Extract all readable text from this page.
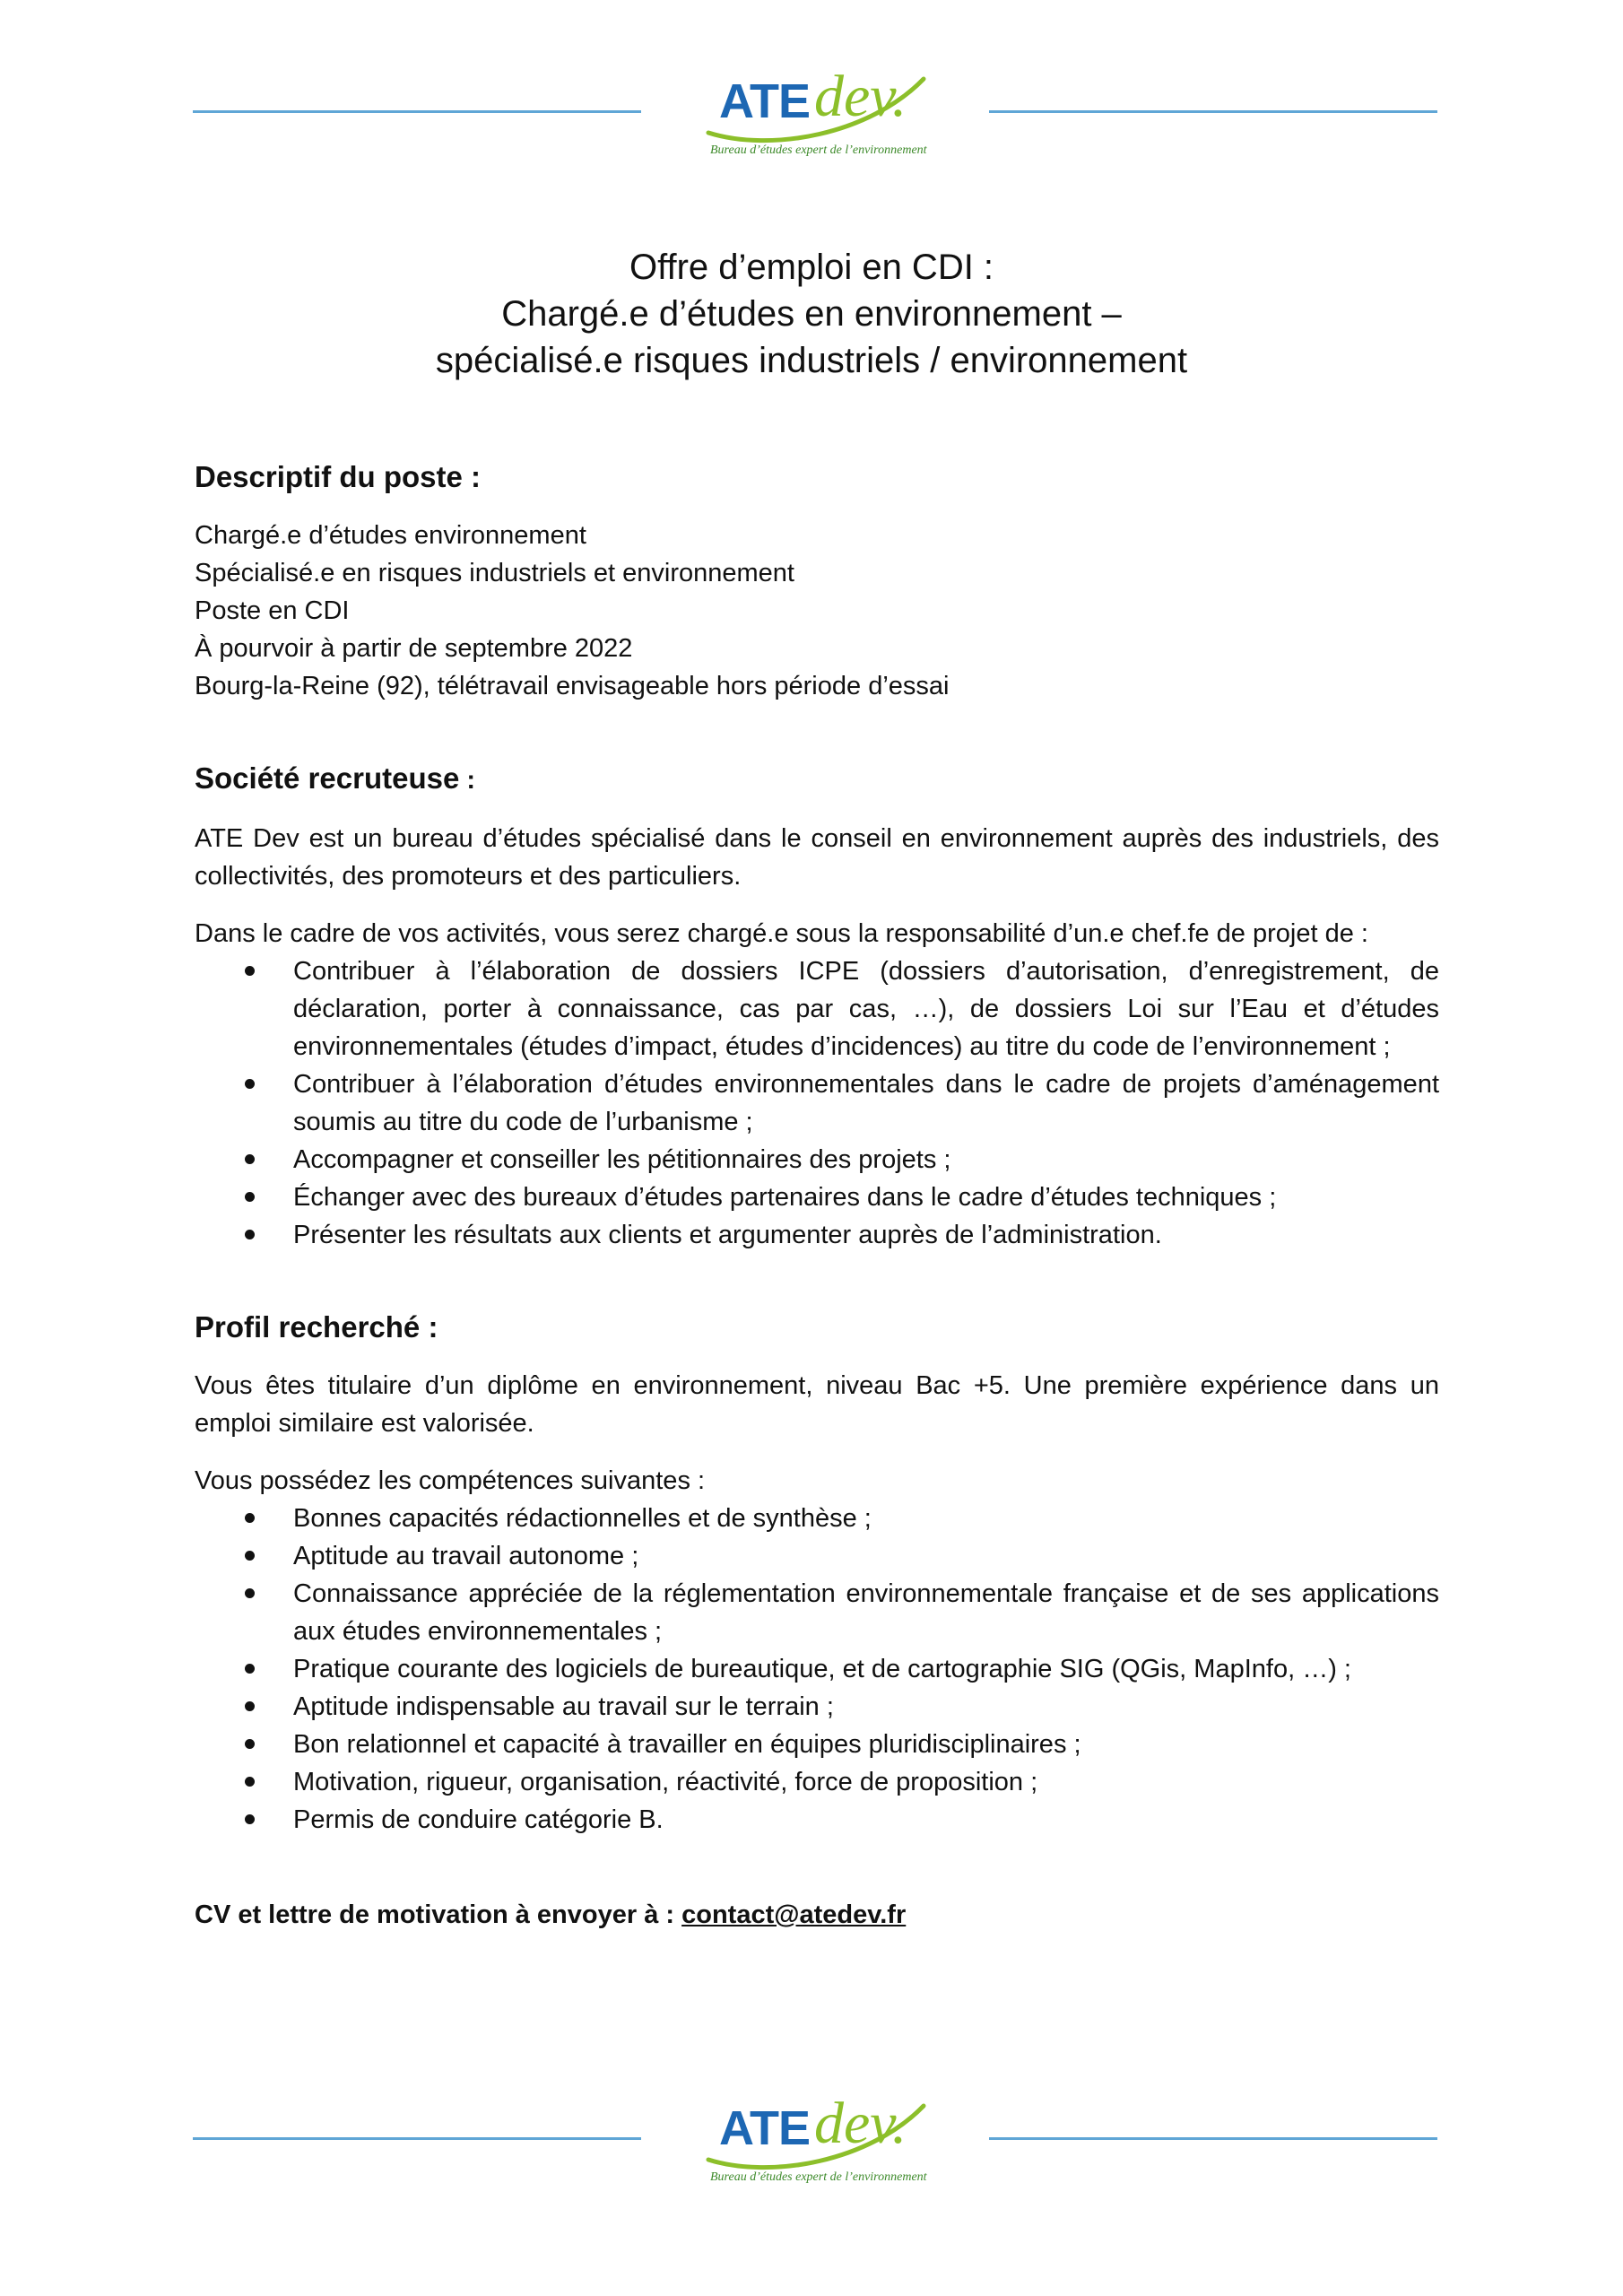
ATE dev.
Bureau d’études expert de l’environnement
Offre d’emploi en CDI :
Chargé.e d’études en environnement –
spécialisé.e risques industriels / environnement
Descriptif du poste :
Chargé.e d’études environnement
Spécialisé.e en risques industriels et environnement
Poste en CDI
À pourvoir à partir de septembre 2022
Bourg-la-Reine (92), télétravail envisageable hors période d’essai
Société recruteuse :

ATE Dev est un bureau d’études spécialisé dans le conseil en environnement auprès des industriels, des collectivités, des promoteurs et des particuliers.

Dans le cadre de vos activités, vous serez chargé.e sous la responsabilité d’un.e chef.fe de projet de :

Contribuer à l’élaboration de dossiers ICPE (dossiers d’autorisation, d’enregistrement, de déclaration, porter à connaissance, cas par cas, …), de dossiers Loi sur l’Eau et d’études environnementales (études d’impact, études d’incidences) au titre du code de l’environnement ;
Contribuer à l’élaboration d’études environnementales dans le cadre de projets d’aménagement soumis au titre du code de l’urbanisme ;
Accompagner et conseiller les pétitionnaires des projets ;
Échanger avec des bureaux d’études partenaires dans le cadre d’études techniques ;
Présenter les résultats aux clients et argumenter auprès de l’administration.
Profil recherché :

Vous êtes titulaire d’un diplôme en environnement, niveau Bac +5. Une première expérience dans un emploi similaire est valorisée.

Vous possédez les compétences suivantes :

Bonnes capacités rédactionnelles et de synthèse ;
Aptitude au travail autonome ;
Connaissance appréciée de la réglementation environnementale française et de ses applications aux études environnementales ;
Pratique courante des logiciels de bureautique, et de cartographie SIG (QGis, MapInfo, …) ;
Aptitude indispensable au travail sur le terrain ;
Bon relationnel et capacité à travailler en équipes pluridisciplinaires ;
Motivation, rigueur, organisation, réactivité, force de proposition ;
Permis de conduire catégorie B.
CV et lettre de motivation à envoyer à : contact@atedev.fr
ATE dev.
Bureau d’études expert de l’environnement
